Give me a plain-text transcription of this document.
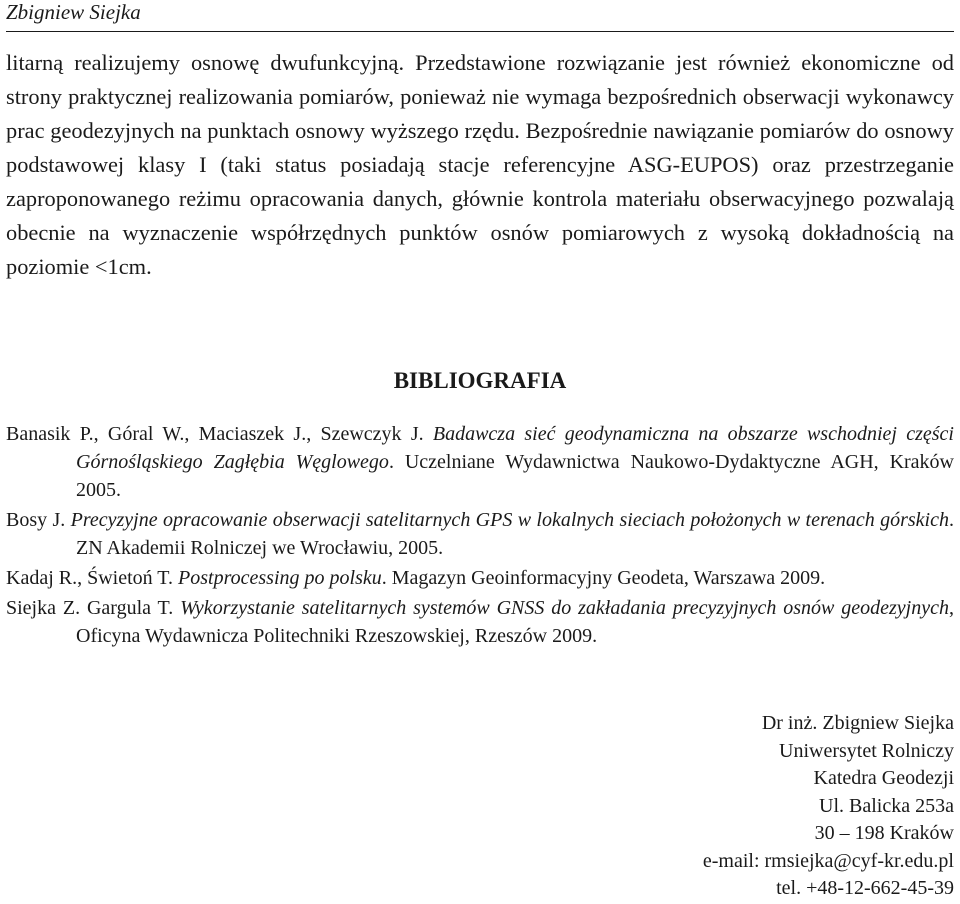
Zbigniew Siejka

litarną realizujemy osnowę dwufunkcyjną. Przedstawione rozwiązanie jest również ekonomiczne od strony praktycznej realizowania pomiarów, ponieważ nie wymaga bezpośrednich obserwacji wykonawcy prac geodezyjnych na punktach osnowy wyższego rzędu. Bezpośrednie nawiązanie pomiarów do osnowy podstawowej klasy I (taki status posiadają stacje referencyjne ASG-EUPOS) oraz przestrzeganie zaproponowanego reżimu opracowania danych, głównie kontrola materiału obserwacyjnego pozwalają obecnie na wyznaczenie współrzędnych punktów osnów pomiarowych z wysoką dokładnością na poziomie <1cm.

BIBLIOGRAFIA
Banasik P., Góral W., Maciaszek J., Szewczyk J. Badawcza sieć geodynamiczna na obszarze wschodniej części Górnośląskiego Zagłębia Węglowego. Uczelniane Wydawnictwa Naukowo-Dydaktyczne AGH, Kraków 2005.
Bosy J. Precyzyjne opracowanie obserwacji satelitarnych GPS w lokalnych sieciach położonych w terenach górskich. ZN Akademii Rolniczej we Wrocławiu, 2005.
Kadaj R., Świetoń T. Postprocessing po polsku. Magazyn Geoinformacyjny Geodeta, Warszawa 2009.
Siejka Z. Gargula T. Wykorzystanie satelitarnych systemów GNSS do zakładania precyzyjnych osnów geodezyjnych, Oficyna Wydawnicza Politechniki Rzeszowskiej, Rzeszów 2009.
Dr inż. Zbigniew Siejka
Uniwersytet Rolniczy
Katedra Geodezji
Ul. Balicka 253a
30 – 198 Kraków
e-mail: rmsiejka@cyf-kr.edu.pl
tel. +48-12-662-45-39
